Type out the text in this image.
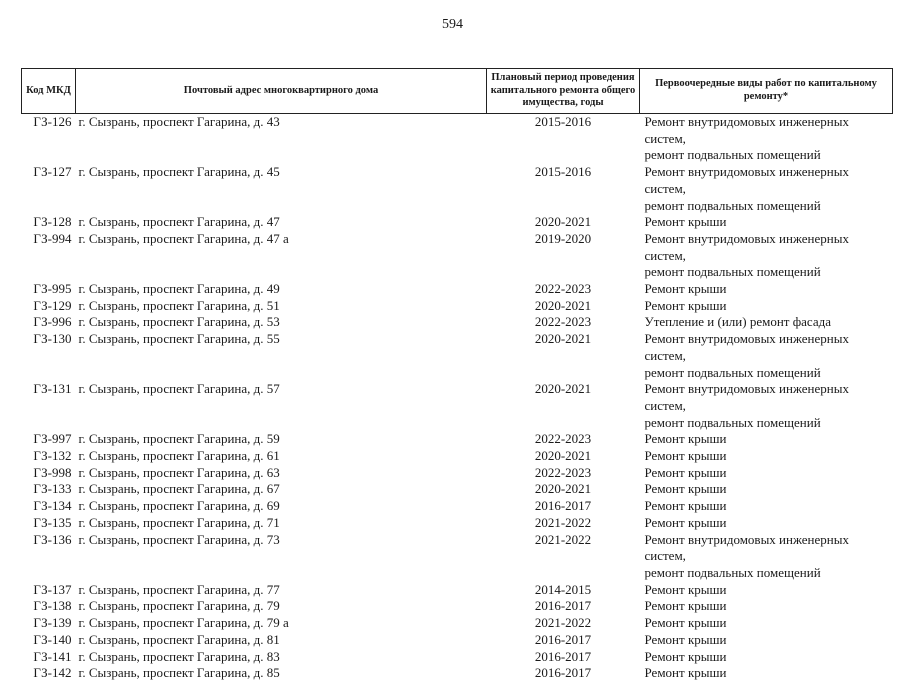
594
Код МКД	Почтовый адрес многоквартирного дома	Плановый период проведения капитального ремонта общего имущества, годы	Первоочередные виды работ по капитальному ремонту*
ГЗ-126	г. Сызрань, проспект Гагарина, д. 43	2015-2016	Ремонт внутридомовых инженерных систем,
ремонт подвальных помещений

ГЗ-127	г. Сызрань, проспект Гагарина, д. 45	2015-2016	Ремонт внутридомовых инженерных систем,
ремонт подвальных помещений

ГЗ-128	г. Сызрань, проспект Гагарина, д. 47	2020-2021	Ремонт крыши

ГЗ-994	г. Сызрань, проспект Гагарина, д. 47 а	2019-2020	Ремонт внутридомовых инженерных систем,
ремонт подвальных помещений

ГЗ-995	г. Сызрань, проспект Гагарина, д. 49	2022-2023	Ремонт крыши

ГЗ-129	г. Сызрань, проспект Гагарина, д. 51	2020-2021	Ремонт крыши

ГЗ-996	г. Сызрань, проспект Гагарина, д. 53	2022-2023	Утепление и (или) ремонт фасада

ГЗ-130	г. Сызрань, проспект Гагарина, д. 55	2020-2021	Ремонт внутридомовых инженерных систем,
ремонт подвальных помещений

ГЗ-131	г. Сызрань, проспект Гагарина, д. 57	2020-2021	Ремонт внутридомовых инженерных систем,
ремонт подвальных помещений

ГЗ-997	г. Сызрань, проспект Гагарина, д. 59	2022-2023	Ремонт крыши

ГЗ-132	г. Сызрань, проспект Гагарина, д. 61	2020-2021	Ремонт крыши

ГЗ-998	г. Сызрань, проспект Гагарина, д. 63	2022-2023	Ремонт крыши

ГЗ-133	г. Сызрань, проспект Гагарина, д. 67	2020-2021	Ремонт крыши

ГЗ-134	г. Сызрань, проспект Гагарина, д. 69	2016-2017	Ремонт крыши

ГЗ-135	г. Сызрань, проспект Гагарина, д. 71	2021-2022	Ремонт крыши

ГЗ-136	г. Сызрань, проспект Гагарина, д. 73	2021-2022	Ремонт внутридомовых инженерных систем,
ремонт подвальных помещений

ГЗ-137	г. Сызрань, проспект Гагарина, д. 77	2014-2015	Ремонт крыши

ГЗ-138	г. Сызрань, проспект Гагарина, д. 79	2016-2017	Ремонт крыши

ГЗ-139	г. Сызрань, проспект Гагарина, д. 79 а	2021-2022	Ремонт крыши

ГЗ-140	г. Сызрань, проспект Гагарина, д. 81	2016-2017	Ремонт крыши

ГЗ-141	г. Сызрань, проспект Гагарина, д. 83	2016-2017	Ремонт крыши

ГЗ-142	г. Сызрань, проспект Гагарина, д. 85	2016-2017	Ремонт крыши
